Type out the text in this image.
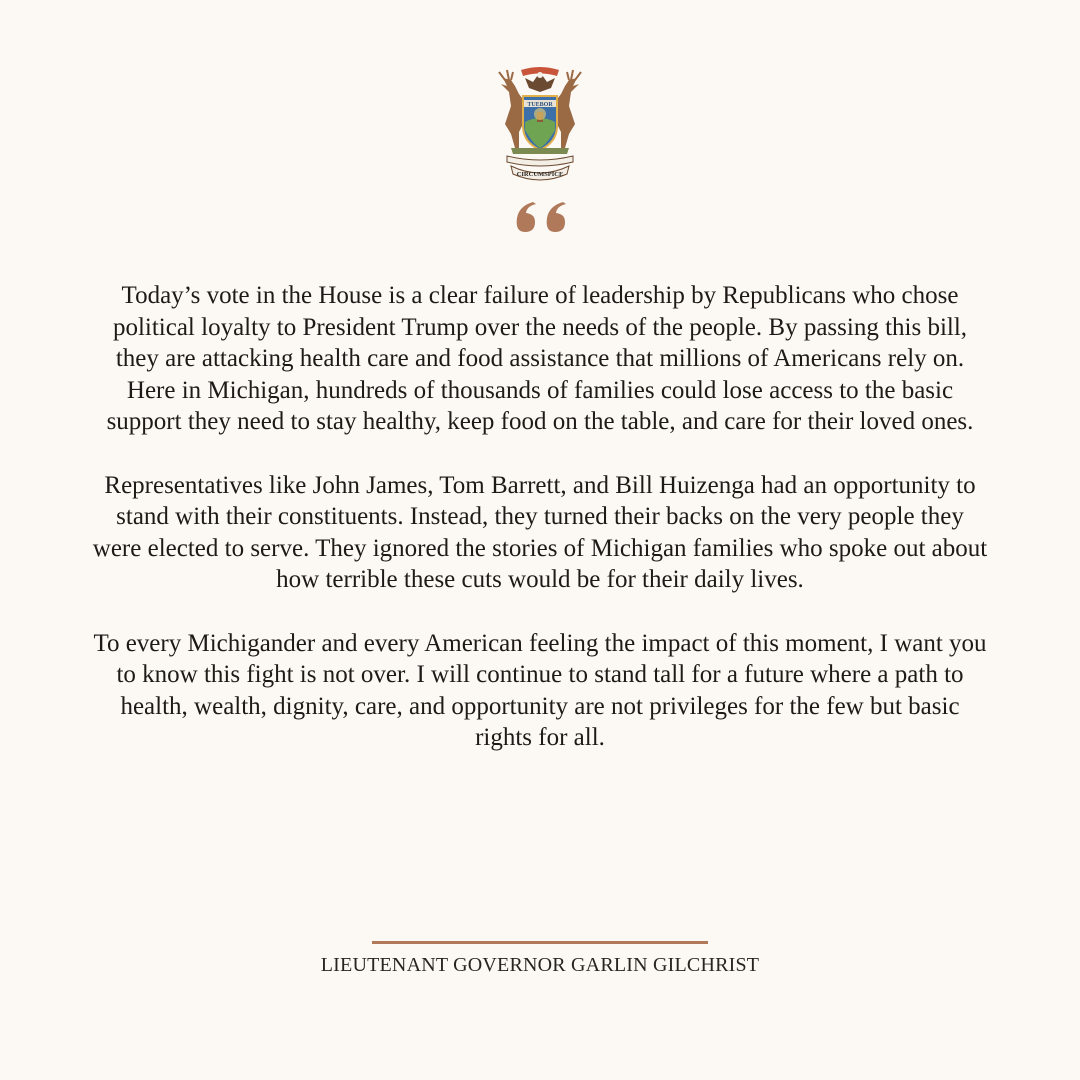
TUEBOR
CIRCUMSPICE

Today’s vote in the House is a clear failure of leadership by Republicans who chose political loyalty to President Trump over the needs of the people. By passing this bill, they are attacking health care and food assistance that millions of Americans rely on. Here in Michigan, hundreds of thousands of families could lose access to the basic support they need to stay healthy, keep food on the table, and care for their loved ones.

Representatives like John James, Tom Barrett, and Bill Huizenga had an opportunity to stand with their constituents. Instead, they turned their backs on the very people they were elected to serve. They ignored the stories of Michigan families who spoke out about how terrible these cuts would be for their daily lives.

To every Michigander and every American feeling the impact of this moment, I want you to know this fight is not over. I will continue to stand tall for a future where a path to health, wealth, dignity, care, and opportunity are not privileges for the few but basic rights for all.

LIEUTENANT GOVERNOR GARLIN GILCHRIST
